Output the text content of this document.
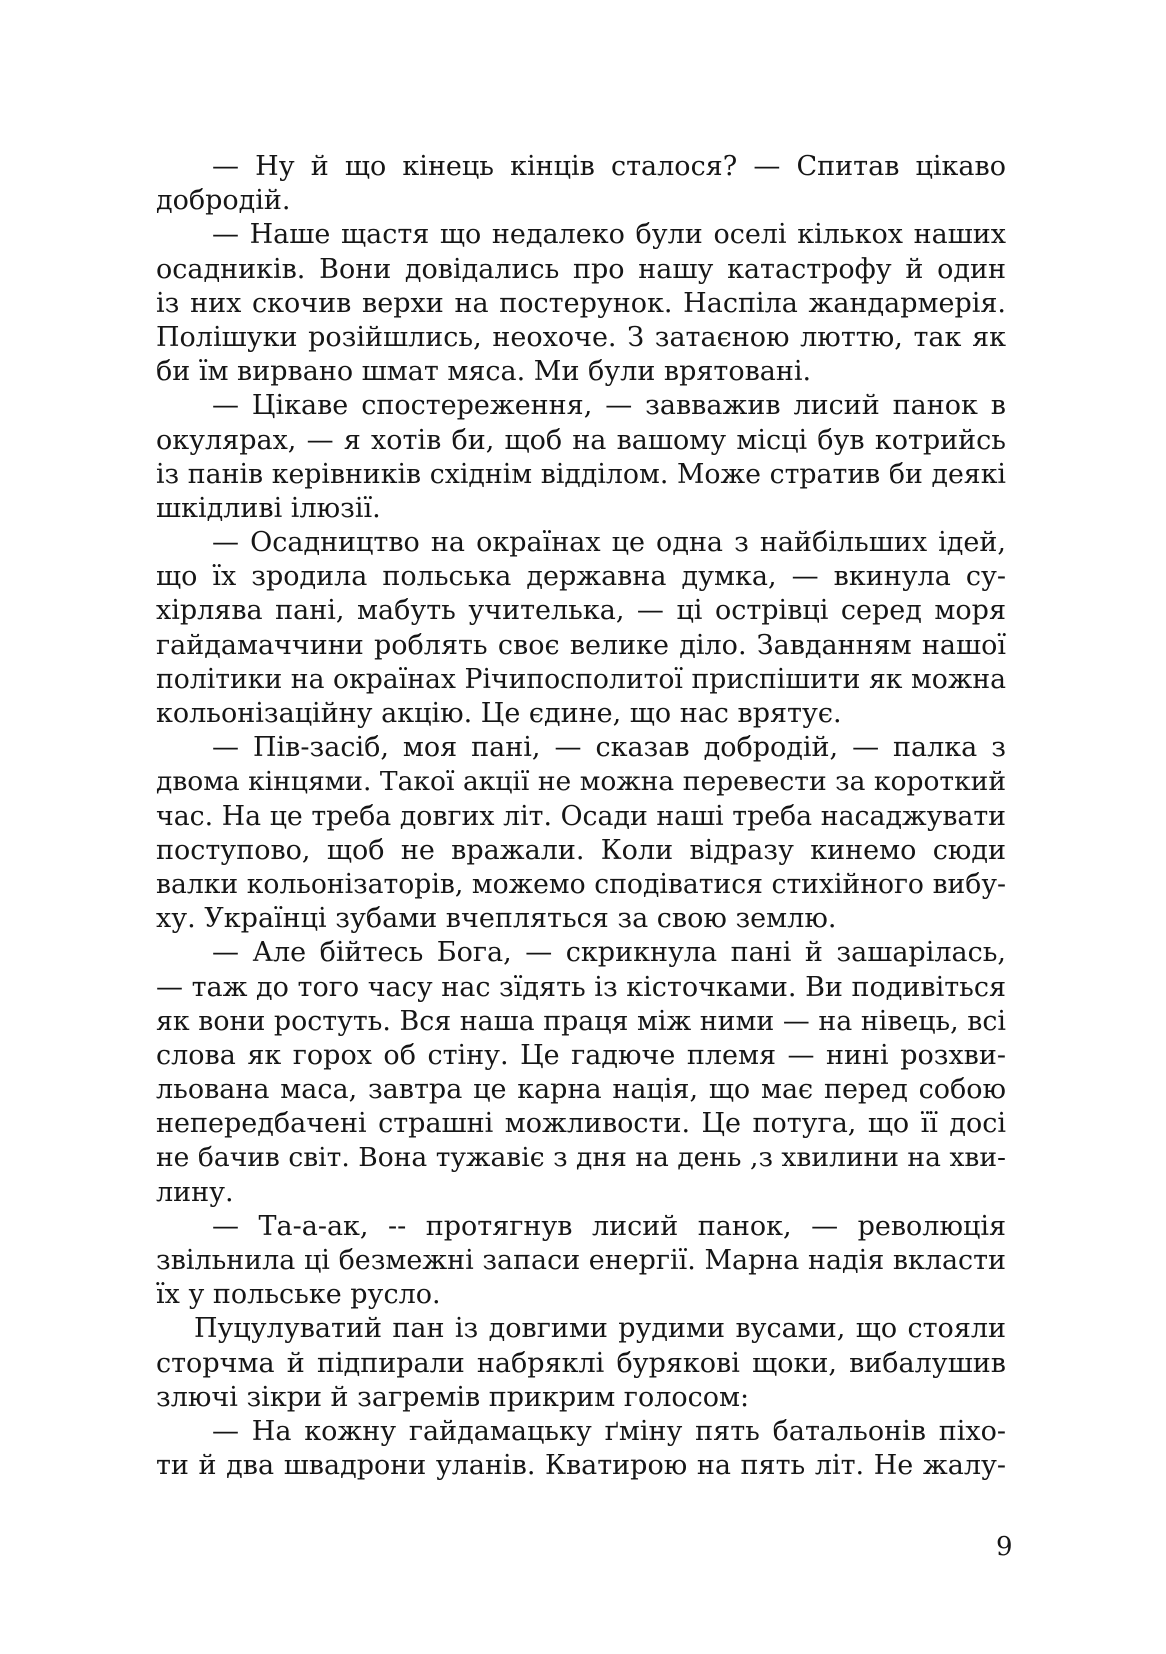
— Ну й що кінець кінців сталося? — Спитав цікаво
добродій.
— Наше щастя що недалеко були оселі кількох наших
осадників. Вони довідались про нашу катастрофу й один
із них скочив верхи на постерунок. Наспіла жандармерія.
Полішуки розійшлись, неохоче. З затаєною люттю, так як
би їм вирвано шмат мяса. Ми були врятовані.
— Цікаве спостереження, — завважив лисий панок в
окулярах, — я хотів би, щоб на вашому місці був котрийсь
із панів керівників східнім відділом. Може стратив би деякі
шкідливі ілюзії.
— Осадництво на окраїнах це одна з найбільших ідей,
що їх зродила польська державна думка, — вкинула су-
хірлява пані, мабуть учителька, — ці острівці серед моря
гайдамаччини роблять своє велике діло. Завданням нашої
політики на окраїнах Річипосполитої приспішити як можна
кольонізаційну акцію. Це єдине, що нас врятує.
— Пів-засіб, моя пані, — сказав добродій, — палка з
двома кінцями. Такої акції не можна перевести за короткий
час. На це треба довгих літ. Осади наші треба насаджувати
поступово, щоб не вражали. Коли відразу кинемо сюди
валки кольонізаторів, можемо сподіватися стихійного вибу-
ху. Українці зубами вчепляться за свою землю.
— Але бійтесь Бога, — скрикнула пані й зашарілась,
— таж до того часу нас зїдять із кісточками. Ви подивіться
як вони ростуть. Вся наша праця між ними — на нівець, всі
слова як горох об стіну. Це гадюче племя — нині розхви-
льована маса, завтра це карна нація, що має перед собою
непередбачені страшні можливости. Це потуга, що її досі
не бачив світ. Вона тужавіє з дня на день ,з хвилини на хви-
лину.
— Та-а-ак, -- протягнув лисий панок, — революція
звільнила ці безмежні запаси енергії. Марна надія вкласти
їх у польське русло.
Пуцулуватий пан із довгими рудими вусами, що стояли
сторчма й підпирали набряклі бурякові щоки, вибалушив
злючі зікри й загремів прикрим голосом:
— На кожну гайдамацьку ґміну пять батальонів піхо-
ти й два швадрони уланів. Кватирою на пять літ. Не жалу-
9
